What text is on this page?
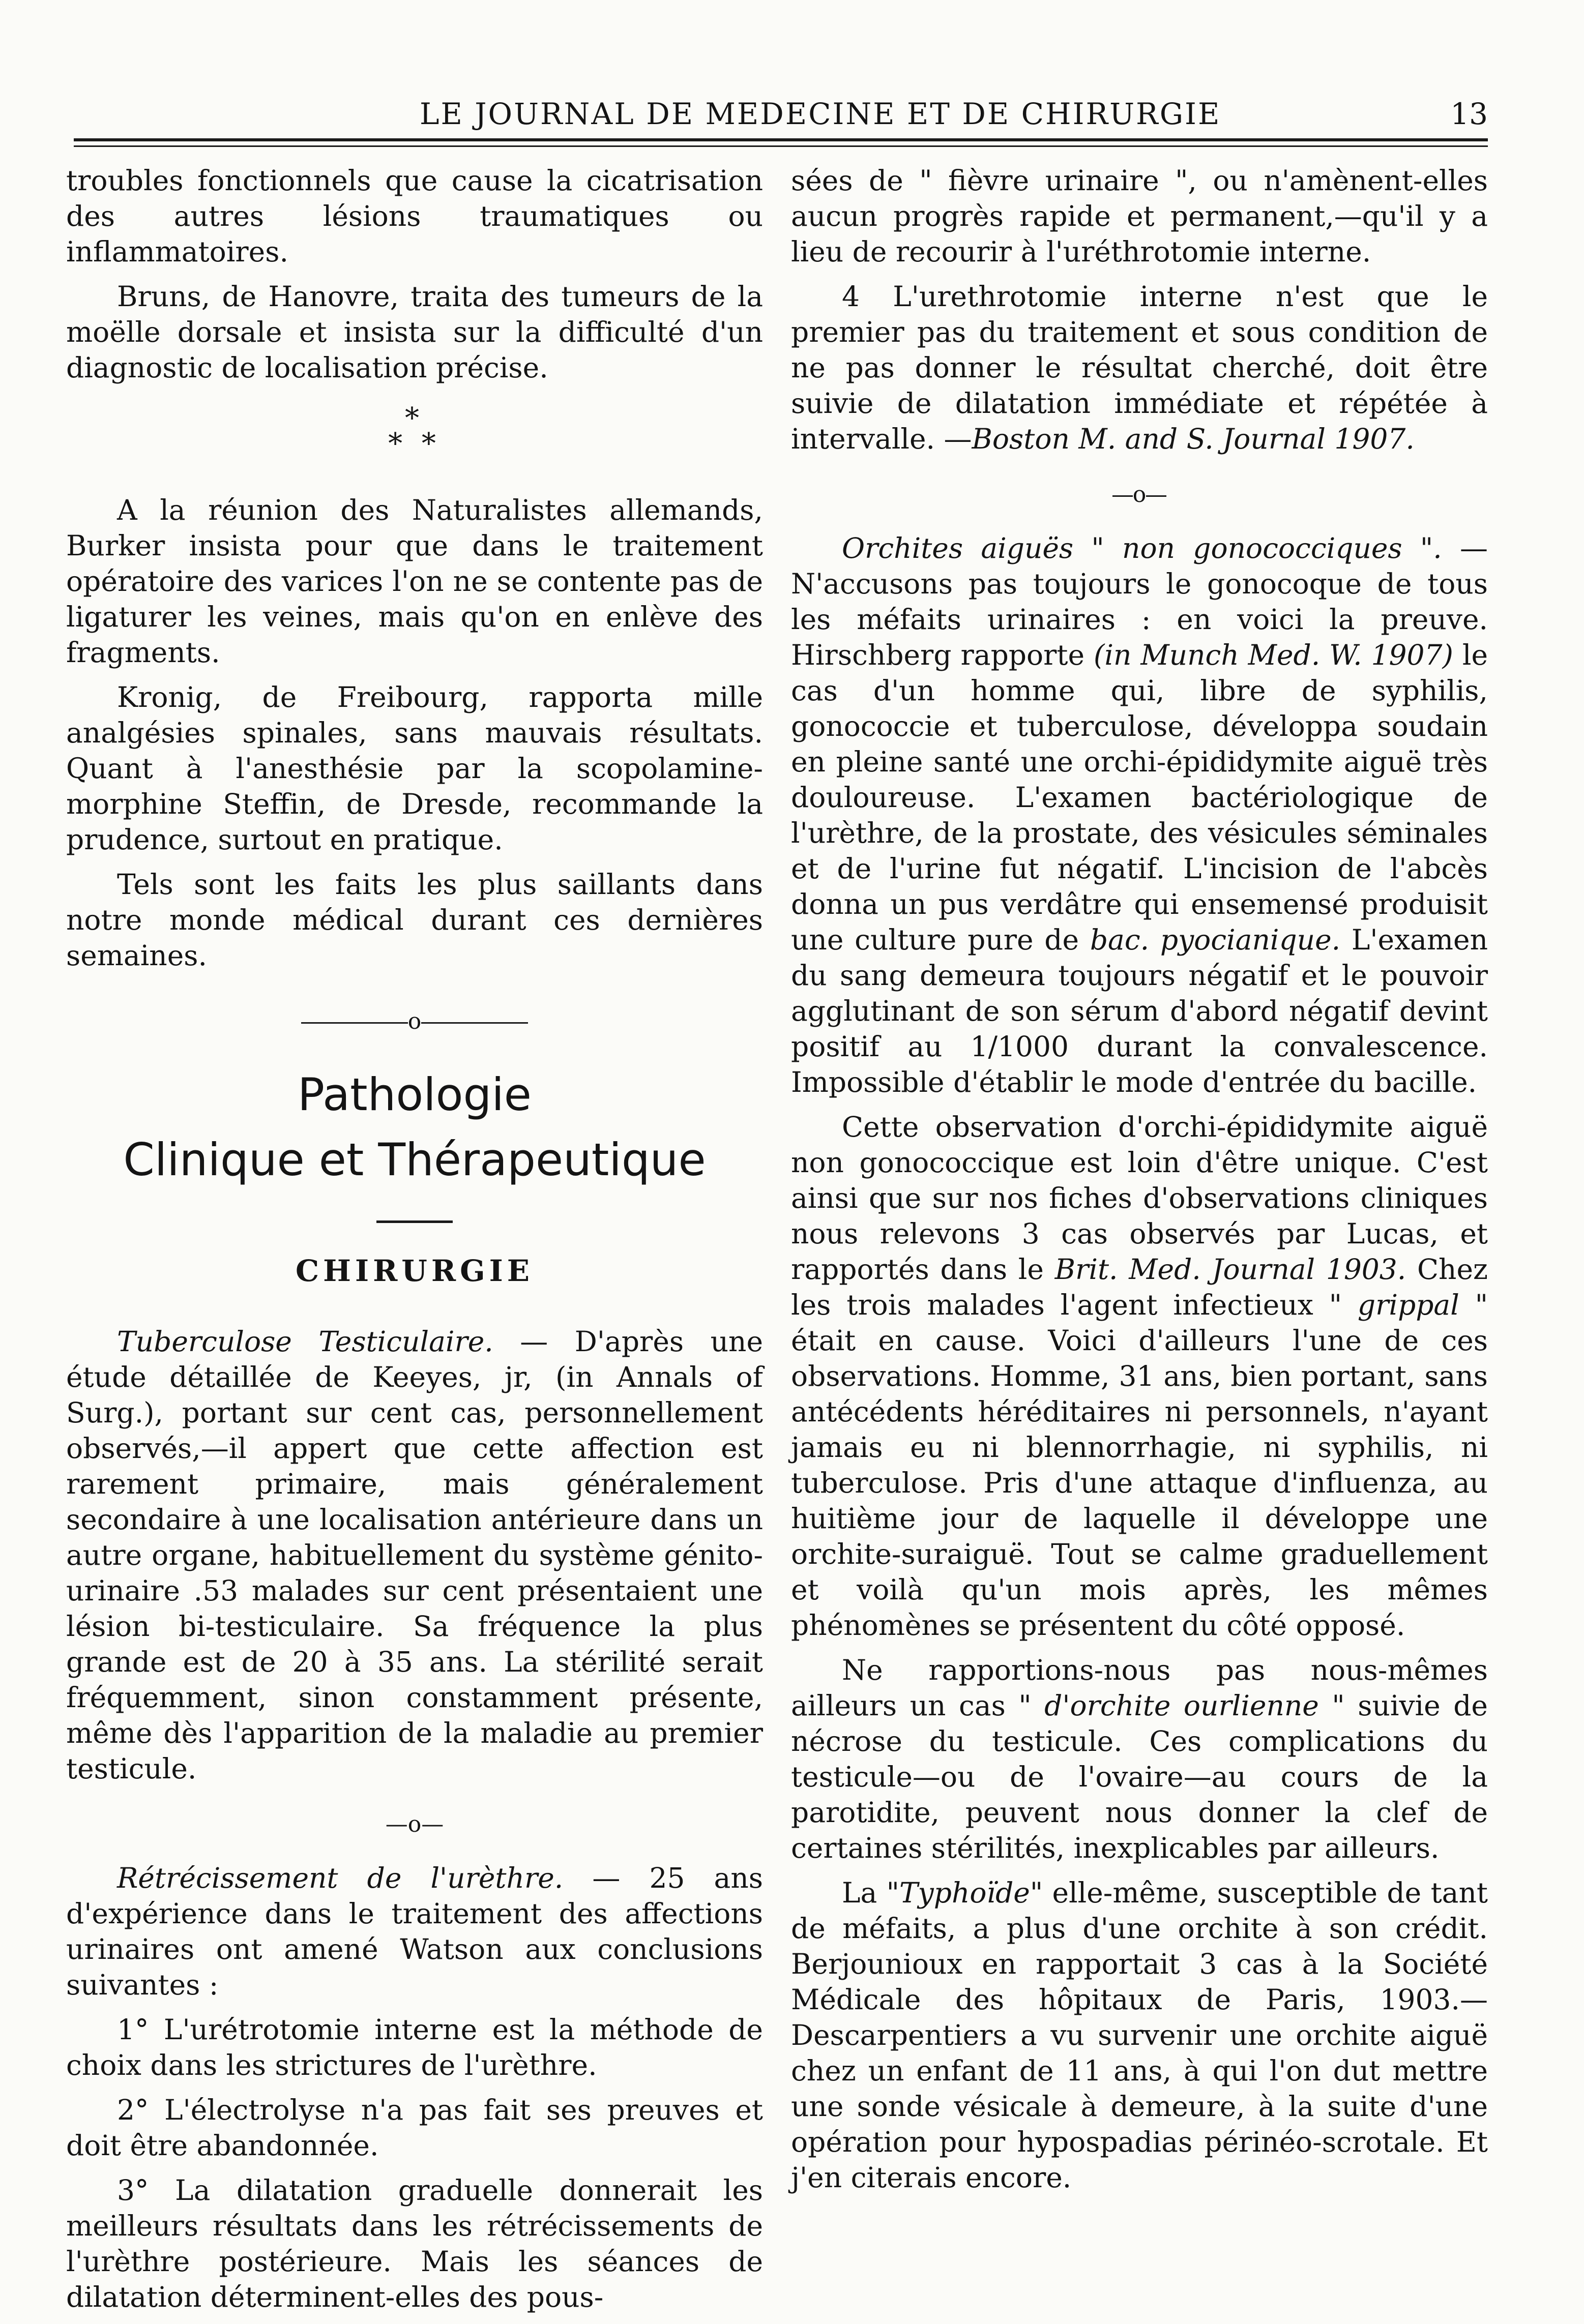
LE JOURNAL DE MEDECINE ET DE CHIRURGIE	13

troubles fonctionnels que cause la cicatrisation des autres lésions traumatiques ou inflammatoires.

Bruns, de Hanovre, traita des tumeurs de la moëlle dorsale et insista sur la difficulté d'un diagnostic de localisation précise.

*
* *

A la réunion des Naturalistes allemands, Burker insista pour que dans le traitement opératoire des varices l'on ne se contente pas de ligaturer les veines, mais qu'on en enlève des fragments.

Kronig, de Freibourg, rapporta mille analgésies spinales, sans mauvais résultats. Quant à l'anesthésie par la scopolamine-morphine Steffin, de Dresde, recommande la prudence, surtout en pratique.

Tels sont les faits les plus saillants dans notre monde médical durant ces dernières semaines.

o
Pathologie
Clinique et Thérapeutique
CHIRURGIE

Tuberculose Testiculaire. — D'après une étude détaillée de Keeyes, jr, (in Annals of Surg.), portant sur cent cas, personnellement observés,—il appert que cette affection est rarement primaire, mais généralement secondaire à une localisation antérieure dans un autre organe, habituellement du système génito-urinaire .53 malades sur cent présentaient une lésion bi-testiculaire. Sa fréquence la plus grande est de 20 à 35 ans. La stérilité serait fréquemment, sinon constamment présente, même dès l'apparition de la maladie au premier testicule.

—o—

Rétrécissement de l'urèthre. — 25 ans d'expérience dans le traitement des affections urinaires ont amené Watson aux conclusions suivantes :

1° L'urétrotomie interne est la méthode de choix dans les strictures de l'urèthre.

2° L'électrolyse n'a pas fait ses preuves et doit être abandonnée.

3° La dilatation graduelle donnerait les meilleurs résultats dans les rétrécissements de l'urèthre postérieure. Mais les séances de dilatation déterminent-elles des pous-

sées de " fièvre urinaire ", ou n'amènent-elles aucun progrès rapide et permanent,—qu'il y a lieu de recourir à l'uréthrotomie interne.

4 L'urethrotomie interne n'est que le premier pas du traitement et sous condition de ne pas donner le résultat cherché, doit être suivie de dilatation immédiate et répétée à intervalle. —Boston M. and S. Journal 1907.

o

Orchites aiguës " non gonococciques ". —N'accusons pas toujours le gonocoque de tous les méfaits urinaires : en voici la preuve. Hirschberg rapporte (in Munch Med. W. 1907) le cas d'un homme qui, libre de syphilis, gonococcie et tuberculose, développa soudain en pleine santé une orchi-épididymite aiguë très douloureuse. L'examen bactériologique de l'urèthre, de la prostate, des vésicules séminales et de l'urine fut négatif. L'incision de l'abcès donna un pus verdâtre qui ensemensé produisit une culture pure de bac. pyocianique. L'examen du sang demeura toujours négatif et le pouvoir agglutinant de son sérum d'abord négatif devint positif au 1/1000 durant la convalescence. Impossible d'établir le mode d'entrée du bacille.

Cette observation d'orchi-épididymite aiguë non gonococcique est loin d'être unique. C'est ainsi que sur nos fiches d'observations cliniques nous relevons 3 cas observés par Lucas, et rapportés dans le Brit. Med. Journal 1903. Chez les trois malades l'agent infectieux " grippal " était en cause. Voici d'ailleurs l'une de ces observations. Homme, 31 ans, bien portant, sans antécédents héréditaires ni personnels, n'ayant jamais eu ni blennorrhagie, ni syphilis, ni tuberculose. Pris d'une attaque d'influenza, au huitième jour de laquelle il développe une orchite-suraiguë. Tout se calme graduellement et voilà qu'un mois après, les mêmes phénomènes se présentent du côté opposé.

Ne rapportions-nous pas nous-mêmes ailleurs un cas " d'orchite ourlienne " suivie de nécrose du testicule. Ces complications du testicule—ou de l'ovaire—au cours de la parotidite, peuvent nous donner la clef de certaines stérilités, inexplicables par ailleurs.

La "Typhoïde" elle-même, susceptible de tant de méfaits, a plus d'une orchite à son crédit. Berjounioux en rapportait 3 cas à la Société Médicale des hôpitaux de Paris, 1903.—Descarpentiers a vu survenir une orchite aiguë chez un enfant de 11 ans, à qui l'on dut mettre une sonde vésicale à demeure, à la suite d'une opération pour hypospadias périnéo-scrotale. Et j'en citerais encore.
